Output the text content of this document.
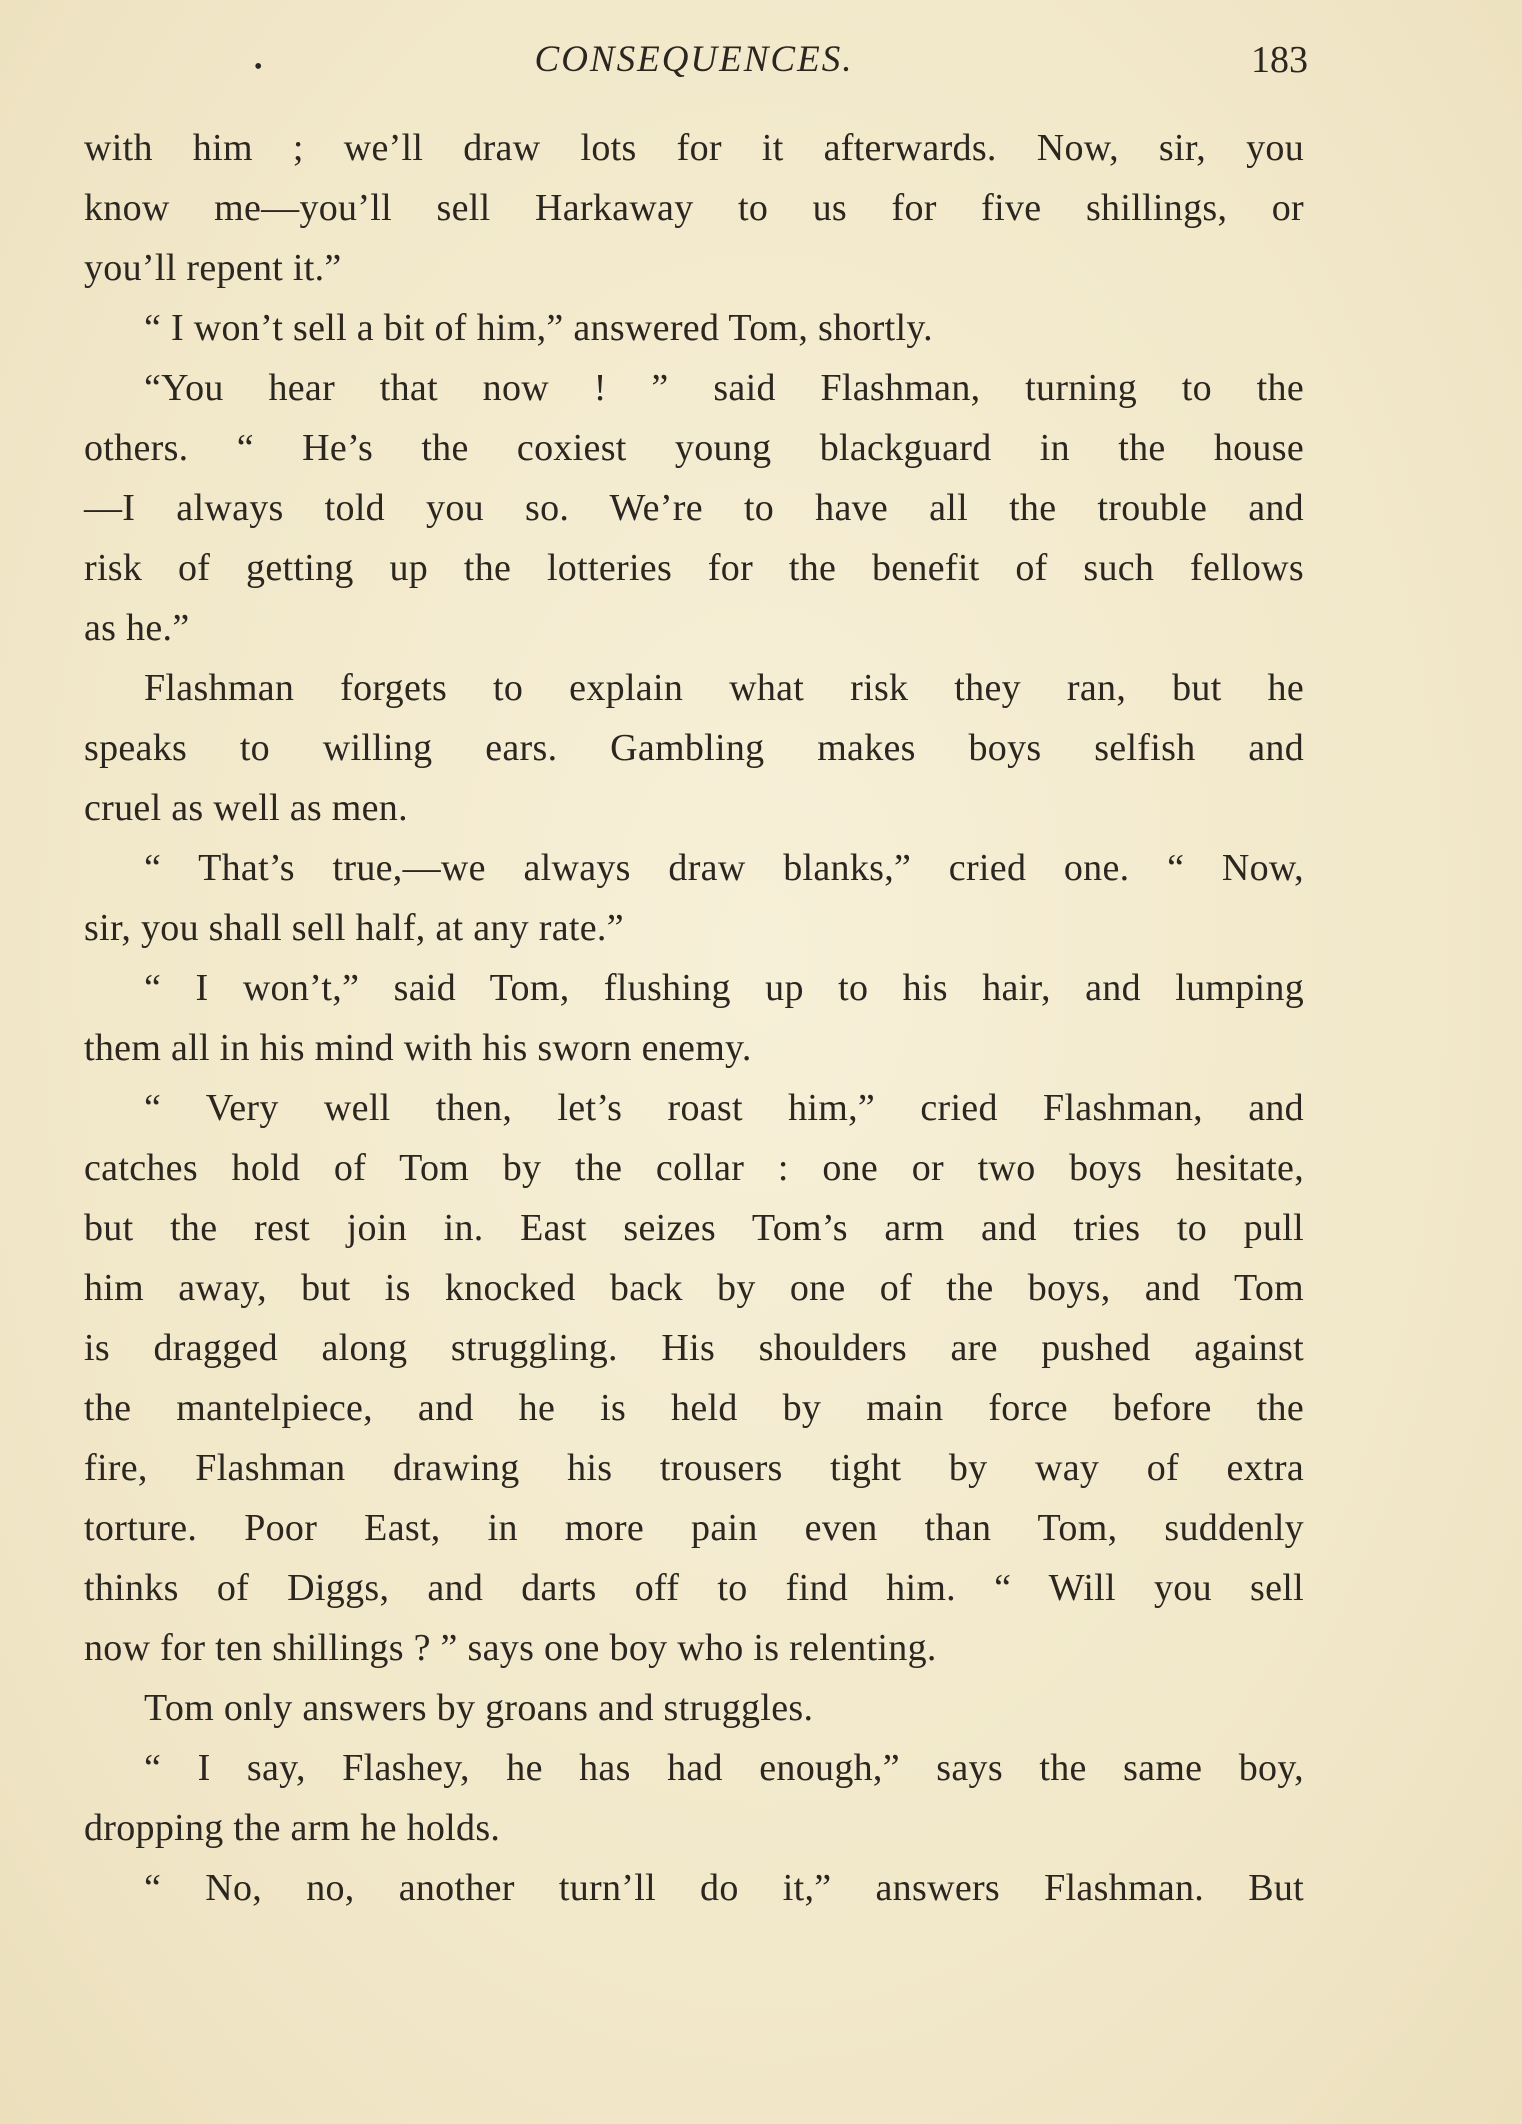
•	CONSEQUENCES.	183
with him ; we’ll draw lots for it afterwards. Now, sir, you
know me—you’ll sell Harkaway to us for five shillings, or
you’ll repent it.”
“ I won’t sell a bit of him,” answered Tom, shortly.
“You hear that now ! ” said Flashman, turning to the
others. “ He’s the coxiest young blackguard in the house
—I always told you so. We’re to have all the trouble and
risk of getting up the lotteries for the benefit of such fellows
as he.”
Flashman forgets to explain what risk they ran, but he
speaks to willing ears. Gambling makes boys selfish and
cruel as well as men.
“ That’s true,—we always draw blanks,” cried one. “ Now,
sir, you shall sell half, at any rate.”
“ I won’t,” said Tom, flushing up to his hair, and lumping
them all in his mind with his sworn enemy.
“ Very well then, let’s roast him,” cried Flashman, and
catches hold of Tom by the collar : one or two boys hesitate,
but the rest join in. East seizes Tom’s arm and tries to pull
him away, but is knocked back by one of the boys, and Tom
is dragged along struggling. His shoulders are pushed against
the mantelpiece, and he is held by main force before the
fire, Flashman drawing his trousers tight by way of extra
torture. Poor East, in more pain even than Tom, suddenly
thinks of Diggs, and darts off to find him. “ Will you sell
now for ten shillings ? ” says one boy who is relenting.
Tom only answers by groans and struggles.
“ I say, Flashey, he has had enough,” says the same boy,
dropping the arm he holds.
“ No, no, another turn’ll do it,” answers Flashman. But
